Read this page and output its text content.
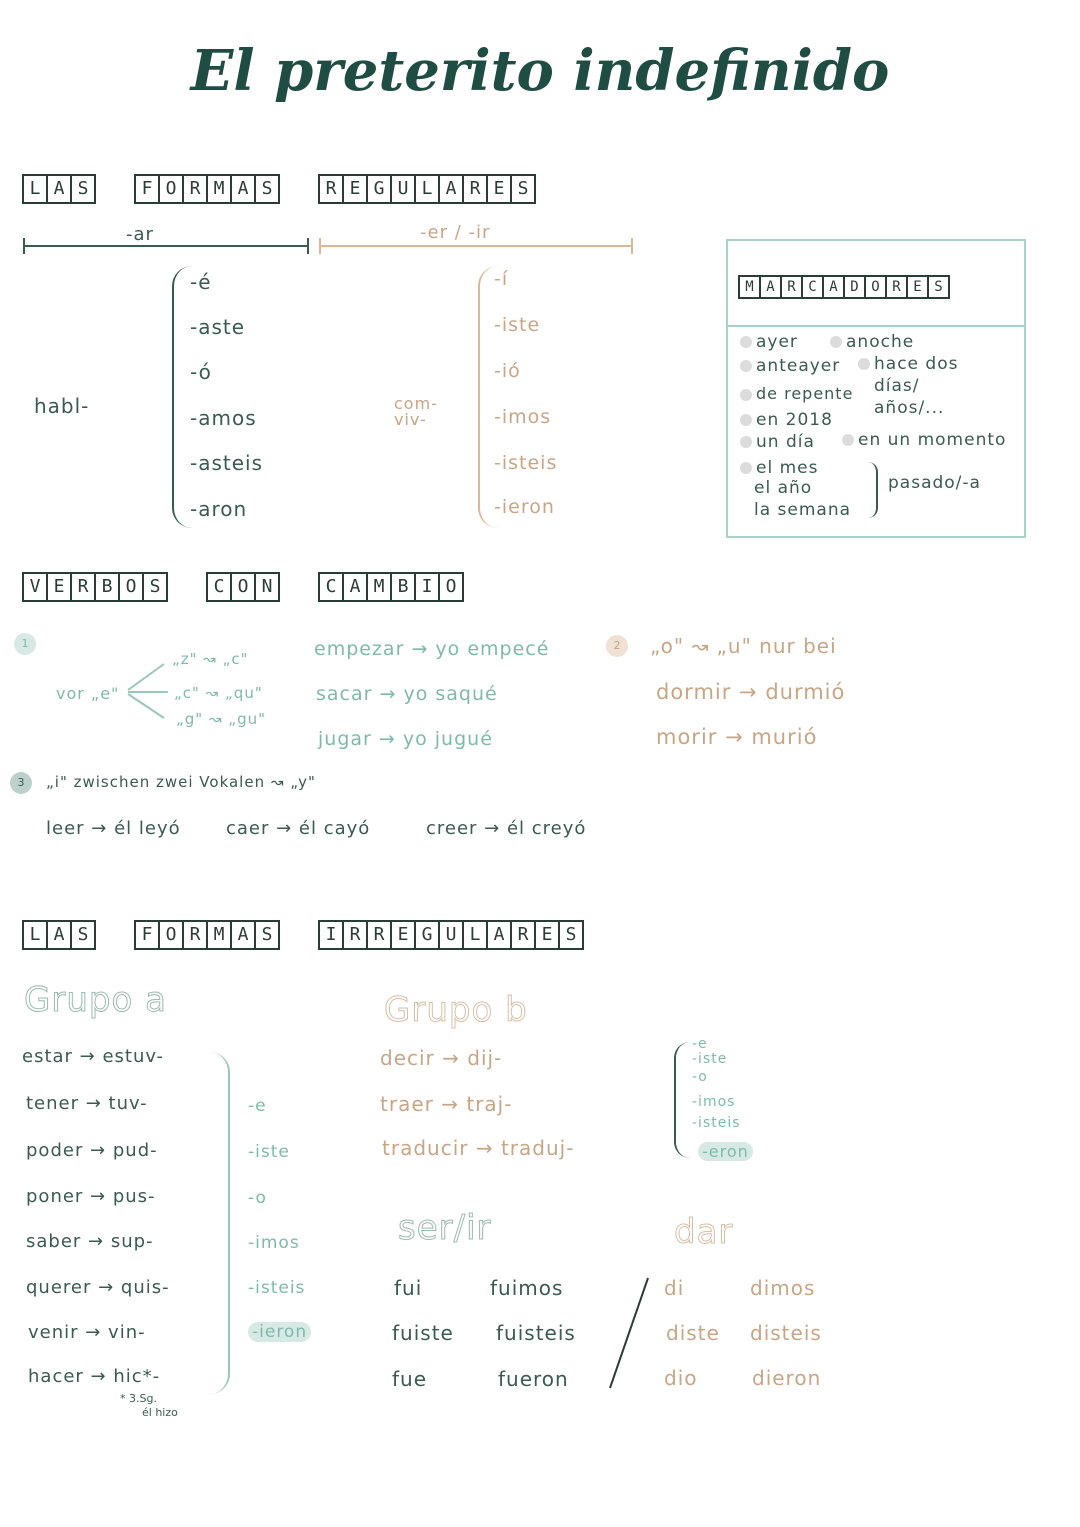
El preterito indefinido
L A S	F O R M A S	R E G U L A R E S
-ar	-er / -ir
habl-
-é
-aste
-ó
-amos
-asteis
-aron
com-
viv-
-í
-iste
-ió
-imos
-isteis
-ieron
M A R C A D O R E S
ayer	anoche
anteayer	hace dos
días/
años/...
de repente
en 2018
un día	en un momento
el mes
el año
la semana
pasado/-a
V E R B O S	C O N	C A M B I O
1
vor „e"
„z" ↝ „c"
„c" ↝ „qu"
„g" ↝ „gu"
empezar → yo empecé
sacar → yo saqué
jugar → yo jugué
2	„o" ↝ „u" nur bei
dormir → durmió
morir → murió
3	„i" zwischen zwei Vokalen ↝ „y"
leer → él leyó	caer → él cayó	creer → él creyó
L A S	F O R M A S	I R R E G U L A R E S
Grupo a
estar → estuv-
tener → tuv-
poder → pud-
poner → pus-
saber → sup-
querer → quis-
venir → vin-
hacer → hic*-
* 3.Sg.
él hizo
-e
-iste
-o
-imos
-isteis
-ieron
Grupo b
decir → dij-
traer → traj-
traducir → traduj-
-e
-iste
-o
-imos
-isteis
-eron
ser/ir
fui	fuimos
fuiste fuisteis
fue	fueron
dar
di	dimos
diste disteis
dio	dieron
